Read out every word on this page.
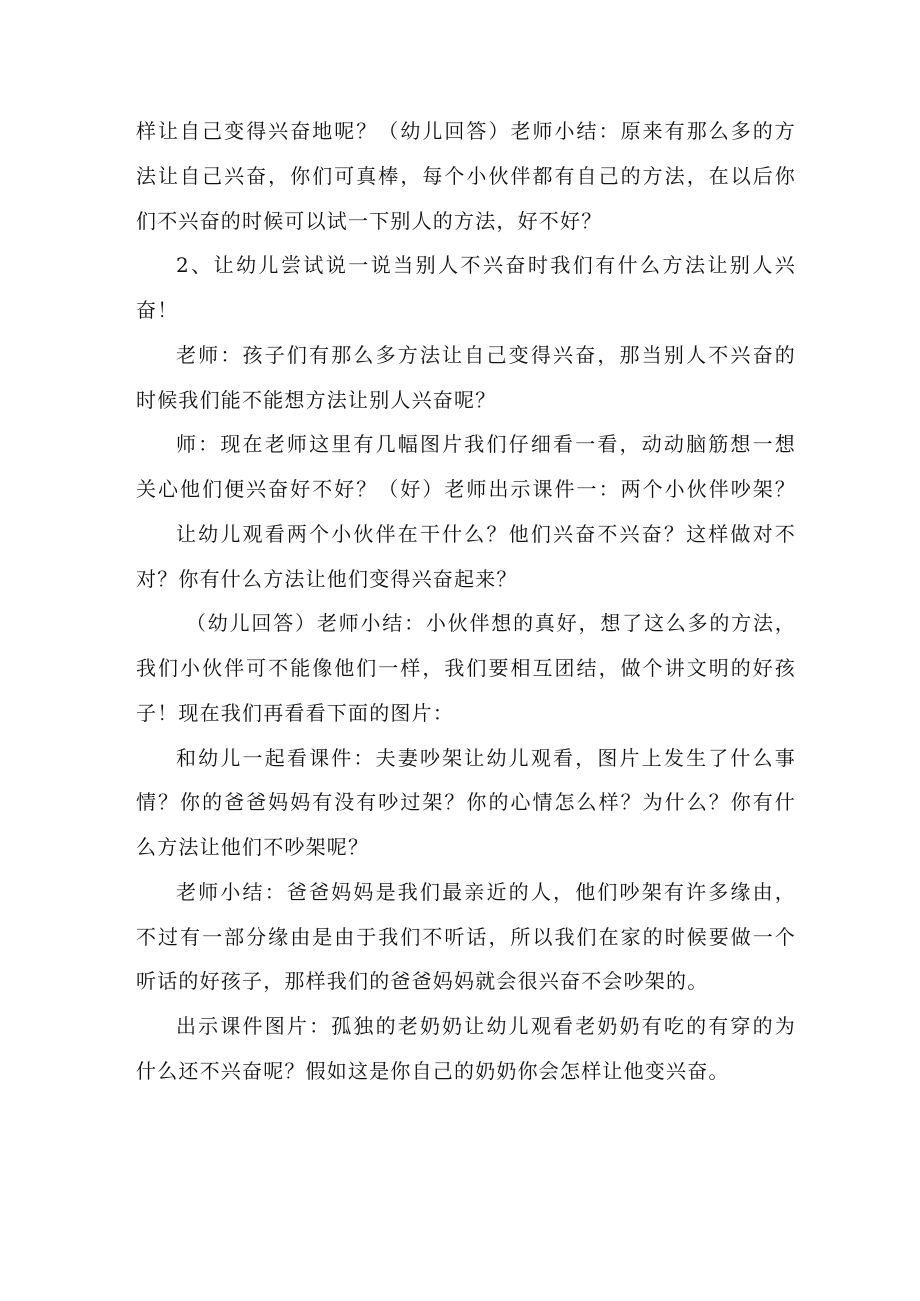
样让自己变得兴奋地呢？（幼儿回答）老师小结：原来有那么多的方
法让自己兴奋，你们可真棒，每个小伙伴都有自己的方法，在以后你
们不兴奋的时候可以试一下别人的方法，好不好？
2、让幼儿尝试说一说当别人不兴奋时我们有什么方法让别人兴
奋！
老师：孩子们有那么多方法让自己变得兴奋，那当别人不兴奋的
时候我们能不能想方法让别人兴奋呢？
师：现在老师这里有几幅图片我们仔细看一看，动动脑筋想一想
关心他们便兴奋好不好？（好）老师出示课件一：两个小伙伴吵架？
让幼儿观看两个小伙伴在干什么？他们兴奋不兴奋？这样做对不
对？你有什么方法让他们变得兴奋起来？
（幼儿回答）老师小结：小伙伴想的真好，想了这么多的方法，
我们小伙伴可不能像他们一样，我们要相互团结，做个讲文明的好孩
子！现在我们再看看下面的图片：
和幼儿一起看课件：夫妻吵架让幼儿观看，图片上发生了什么事
情？你的爸爸妈妈有没有吵过架？你的心情怎么样？为什么？你有什
么方法让他们不吵架呢？
老师小结：爸爸妈妈是我们最亲近的人，他们吵架有许多缘由，
不过有一部分缘由是由于我们不听话，所以我们在家的时候要做一个
听话的好孩子，那样我们的爸爸妈妈就会很兴奋不会吵架的。
出示课件图片：孤独的老奶奶让幼儿观看老奶奶有吃的有穿的为
什么还不兴奋呢？假如这是你自己的奶奶你会怎样让他变兴奋。
